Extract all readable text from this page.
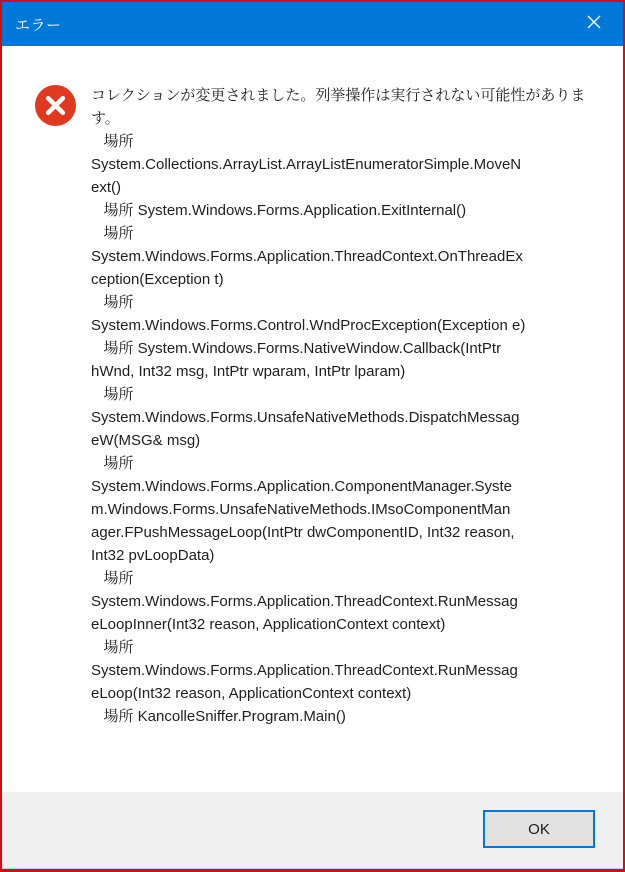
エラー
コレクションが変更されました。列挙操作は実行されない可能性がありま
す。
場所
System.Collections.ArrayList.ArrayListEnumeratorSimple.MoveN
ext()
場所 System.Windows.Forms.Application.ExitInternal()
場所
System.Windows.Forms.Application.ThreadContext.OnThreadEx
ception(Exception t)
場所
System.Windows.Forms.Control.WndProcException(Exception e)
場所 System.Windows.Forms.NativeWindow.Callback(IntPtr
hWnd, Int32 msg, IntPtr wparam, IntPtr lparam)
場所
System.Windows.Forms.UnsafeNativeMethods.DispatchMessag
eW(MSG& msg)
場所
System.Windows.Forms.Application.ComponentManager.Syste
m.Windows.Forms.UnsafeNativeMethods.IMsoComponentMan
ager.FPushMessageLoop(IntPtr dwComponentID, Int32 reason,
Int32 pvLoopData)
場所
System.Windows.Forms.Application.ThreadContext.RunMessag
eLoopInner(Int32 reason, ApplicationContext context)
場所
System.Windows.Forms.Application.ThreadContext.RunMessag
eLoop(Int32 reason, ApplicationContext context)
場所 KancolleSniffer.Program.Main()
OK
